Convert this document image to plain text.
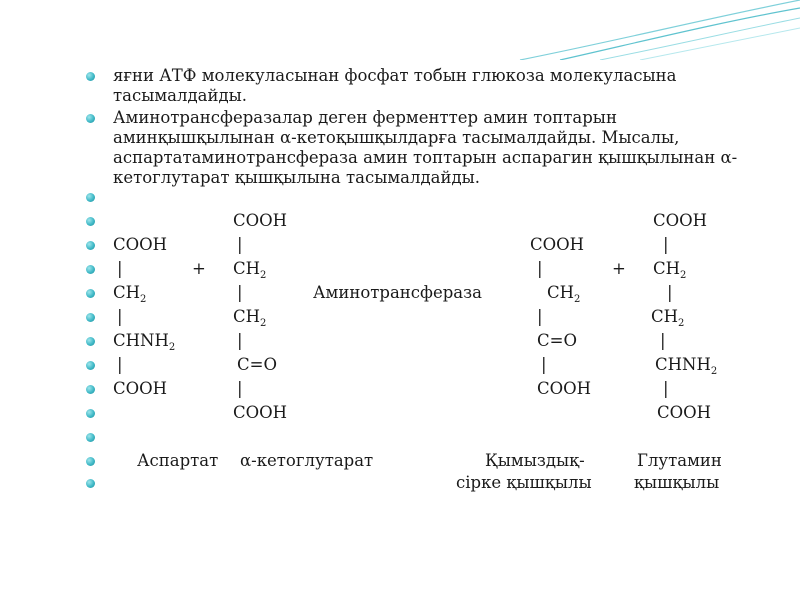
яғни АТФ молекуласынан фосфат тобын глюкоза молекуласына тасымалдайды.
Аминотрансферазалар деген ферменттер амин топтарын аминқышқылынан α-кетоқышқылдарға тасымалдайды. Мысалы, аспартатаминотрансфераза амин топтарын аспарагин қышқылынан α-кетоглутарат қышқылына тасымалдайды.
COOH	COOH
COOH	|	COOH	|
|	+ $CH_2$	|	+ $CH_2$
$CH_2$	|	Аминотрансфераза	$CH_2$	|
|	$CH_2$	|	$CH_2$
$CHNH_2$	|	C=O	|
|	C=O	|	$CHNH_2$
COOH	|	COOH	|
COOH	COOH
Аспартат α-кетоглутарат	Қымыздық-	Глутамин
сірке қышқылы	қышқылы
